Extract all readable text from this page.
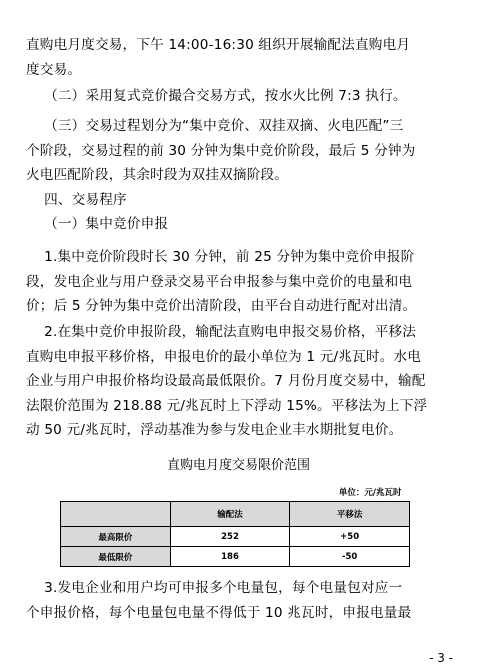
直购电月度交易，下午 14:00-16:30 组织开展输配法直购电月
度交易。
（二）采用复式竞价撮合交易方式，按水火比例 7:3 执行。
（三）交易过程划分为“集中竞价、双挂双摘、火电匹配”三
个阶段，交易过程的前 30 分钟为集中竞价阶段，最后 5 分钟为
火电匹配阶段，其余时段为双挂双摘阶段。
四、交易程序
（一）集中竞价申报
1.集中竞价阶段时长 30 分钟，前 25 分钟为集中竞价申报阶
段，发电企业与用户登录交易平台申报参与集中竞价的电量和电
价；后 5 分钟为集中竞价出清阶段，由平台自动进行配对出清。
2.在集中竞价申报阶段，输配法直购电申报交易价格，平移法
直购电申报平移价格，申报电价的最小单位为 1 元/兆瓦时。水电
企业与用户申报价格均设最高最低限价。7 月份月度交易中，输配
法限价范围为 218.88 元/兆瓦时上下浮动 15%。平移法为上下浮
动 50 元/兆瓦时，浮动基准为参与发电企业丰水期批复电价。
直购电月度交易限价范围
单位：元/兆瓦时		
	输配法	平移法
最高限价	252	+50
最低限价	186	-50
3.发电企业和用户均可申报多个电量包，每个电量包对应一
个申报价格，每个电量包电量不得低于 10 兆瓦时，申报电量最
- 3 -
